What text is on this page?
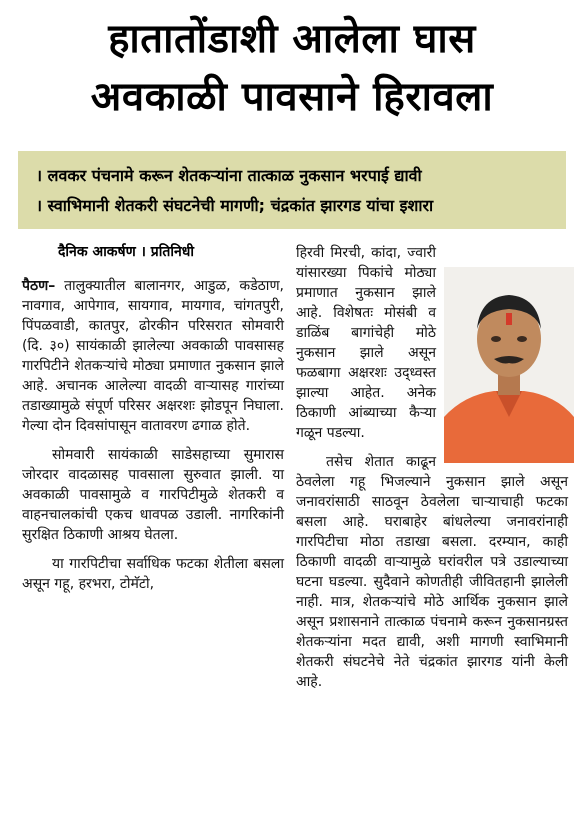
हातातोंडाशी आलेला घास
अवकाळी पावसाने हिरावला
। लवकर पंचनामे करून शेतकऱ्यांना तात्काळ नुकसान भरपाई द्यावी
। स्वाभिमानी शेतकरी संघटनेची मागणी; चंद्रकांत झारगड यांचा इशारा
दैनिक आकर्षण । प्रतिनिधी

पैठण– तालुक्यातील बालानगर, आडुळ, कडेठाण, नावगाव, आपेगाव, सायगाव, मायगाव, चांगतपुरी, पिंपळवाडी, कातपुर, ढोरकीन परिसरात सोमवारी (दि. ३०) सायंकाळी झालेल्या अवकाळी पावसासह गारपिटीने शेतकऱ्यांचे मोठ्या प्रमाणात नुकसान झाले आहे. अचानक आलेल्या वादळी वाऱ्यासह गारांच्या तडाख्यामुळे संपूर्ण परिसर अक्षरशः झोडपून निघाला. गेल्या दोन दिवसांपासून वातावरण ढगाळ होते.

सोमवारी सायंकाळी साडेसहाच्या सुमारास जोरदार वादळासह पावसाला सुरुवात झाली. या अवकाळी पावसामुळे व गारपिटीमुळे शेतकरी व वाहनचालकांची एकच धावपळ उडाली. नागरिकांनी सुरक्षित ठिकाणी आश्रय घेतला.

या गारपिटीचा सर्वाधिक फटका शेतीला बसला असून गहू, हरभरा, टोमॅटो,

हिरवी मिरची, कांदा, ज्वारी यांसारख्या पिकांचे मोठ्या प्रमाणात नुकसान झाले आहे. विशेषतः मोसंबी व डाळिंब बागांचेही मोठे नुकसान झाले असून फळबागा अक्षरशः उद्ध्वस्त झाल्या आहेत. अनेक ठिकाणी आंब्याच्या कैऱ्या गळून पडल्या.

तसेच शेतात काढून ठेवलेला गहू भिजल्याने नुकसान झाले असून जनावरांसाठी साठवून ठेवलेला चाऱ्याचाही फटका बसला आहे. घराबाहेर बांधलेल्या जनावरांनाही गारपिटीचा मोठा तडाखा बसला. दरम्यान, काही ठिकाणी वादळी वाऱ्यामुळे घरांवरील पत्रे उडाल्याच्या घटना घडल्या. सुदैवाने कोणतीही जीवितहानी झालेली नाही. मात्र, शेतकऱ्यांचे मोठे आर्थिक नुकसान झाले असून प्रशासनाने तात्काळ पंचनामे करून नुकसानग्रस्त शेतकऱ्यांना मदत द्यावी, अशी मागणी स्वाभिमानी शेतकरी संघटनेचे नेते चंद्रकांत झारगड यांनी केली आहे.
